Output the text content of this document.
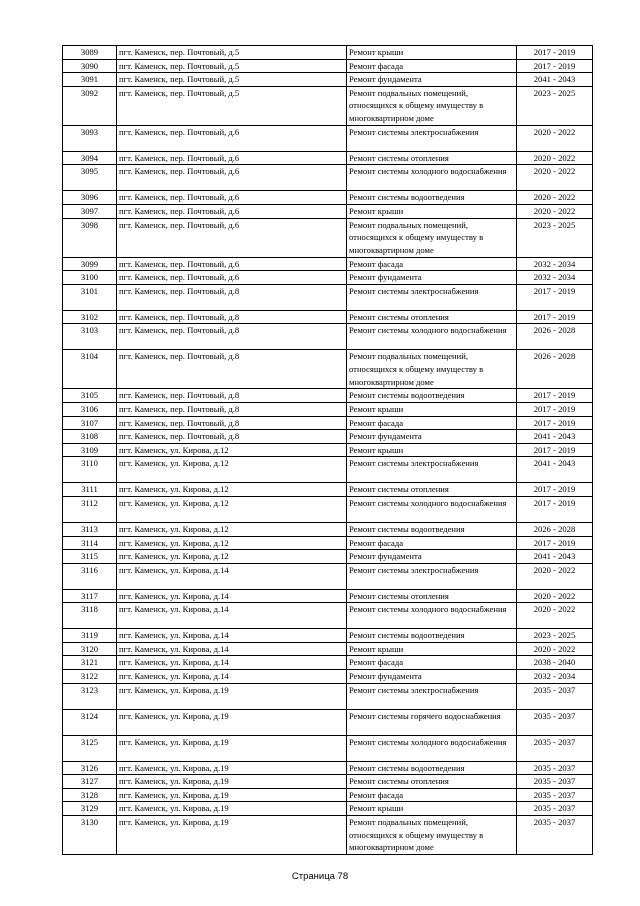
3089	пгт. Каменск, пер. Почтовый, д.5	Ремонт крыши	2017 - 2019
3090	пгт. Каменск, пер. Почтовый, д.5	Ремонт фасада	2017 - 2019
3091	пгт. Каменск, пер. Почтовый, д.5	Ремонт фундамента	2041 - 2043
3092	пгт. Каменск, пер. Почтовый, д.5	Ремонт подвальных помещений, относящихся к общему имуществу в многоквартирном доме	2023 - 2025
3093	пгт. Каменск, пер. Почтовый, д.6	Ремонт системы электроснабжения	2020 - 2022
3094	пгт. Каменск, пер. Почтовый, д.6	Ремонт системы отопления	2020 - 2022
3095	пгт. Каменск, пер. Почтовый, д.6	Ремонт системы холодного водоснабжения	2020 - 2022
3096	пгт. Каменск, пер. Почтовый, д.6	Ремонт системы водоотведения	2020 - 2022
3097	пгт. Каменск, пер. Почтовый, д.6	Ремонт крыши	2020 - 2022
3098	пгт. Каменск, пер. Почтовый, д.6	Ремонт подвальных помещений, относящихся к общему имуществу в многоквартирном доме	2023 - 2025
3099	пгт. Каменск, пер. Почтовый, д.6	Ремонт фасада	2032 - 2034
3100	пгт. Каменск, пер. Почтовый, д.6	Ремонт фундамента	2032 - 2034
3101	пгт. Каменск, пер. Почтовый, д.8	Ремонт системы электроснабжения	2017 - 2019
3102	пгт. Каменск, пер. Почтовый, д.8	Ремонт системы отопления	2017 - 2019
3103	пгт. Каменск, пер. Почтовый, д.8	Ремонт системы холодного водоснабжения	2026 - 2028
3104	пгт. Каменск, пер. Почтовый, д.8	Ремонт подвальных помещений, относящихся к общему имуществу в многоквартирном доме	2026 - 2028
3105	пгт. Каменск, пер. Почтовый, д.8	Ремонт системы водоотведения	2017 - 2019
3106	пгт. Каменск, пер. Почтовый, д.8	Ремонт крыши	2017 - 2019
3107	пгт. Каменск, пер. Почтовый, д.8	Ремонт фасада	2017 - 2019
3108	пгт. Каменск, пер. Почтовый, д.8	Ремонт фундамента	2041 - 2043
3109	пгт. Каменск, ул. Кирова, д.12	Ремонт крыши	2017 - 2019
3110	пгт. Каменск, ул. Кирова, д.12	Ремонт системы электроснабжения	2041 - 2043
3111	пгт. Каменск, ул. Кирова, д.12	Ремонт системы отопления	2017 - 2019
3112	пгт. Каменск, ул. Кирова, д.12	Ремонт системы холодного водоснабжения	2017 - 2019
3113	пгт. Каменск, ул. Кирова, д.12	Ремонт системы водоотведения	2026 - 2028
3114	пгт. Каменск, ул. Кирова, д.12	Ремонт фасада	2017 - 2019
3115	пгт. Каменск, ул. Кирова, д.12	Ремонт фундамента	2041 - 2043
3116	пгт. Каменск, ул. Кирова, д.14	Ремонт системы электроснабжения	2020 - 2022
3117	пгт. Каменск, ул. Кирова, д.14	Ремонт системы отопления	2020 - 2022
3118	пгт. Каменск, ул. Кирова, д.14	Ремонт системы холодного водоснабжения	2020 - 2022
3119	пгт. Каменск, ул. Кирова, д.14	Ремонт системы водоотведения	2023 - 2025
3120	пгт. Каменск, ул. Кирова, д.14	Ремонт крыши	2020 - 2022
3121	пгт. Каменск, ул. Кирова, д.14	Ремонт фасада	2038 - 2040
3122	пгт. Каменск, ул. Кирова, д.14	Ремонт фундамента	2032 - 2034
3123	пгт. Каменск, ул. Кирова, д.19	Ремонт системы электроснабжения	2035 - 2037
3124	пгт. Каменск, ул. Кирова, д.19	Ремонт системы горячего водоснабжения	2035 - 2037
3125	пгт. Каменск, ул. Кирова, д.19	Ремонт системы холодного водоснабжения	2035 - 2037
3126	пгт. Каменск, ул. Кирова, д.19	Ремонт системы водоотведения	2035 - 2037
3127	пгт. Каменск, ул. Кирова, д.19	Ремонт системы отопления	2035 - 2037
3128	пгт. Каменск, ул. Кирова, д.19	Ремонт фасада	2035 - 2037
3129	пгт. Каменск, ул. Кирова, д.19	Ремонт крыши	2035 - 2037
3130	пгт. Каменск, ул. Кирова, д.19	Ремонт подвальных помещений, относящихся к общему имуществу в многоквартирном доме	2035 - 2037
Страница 78
